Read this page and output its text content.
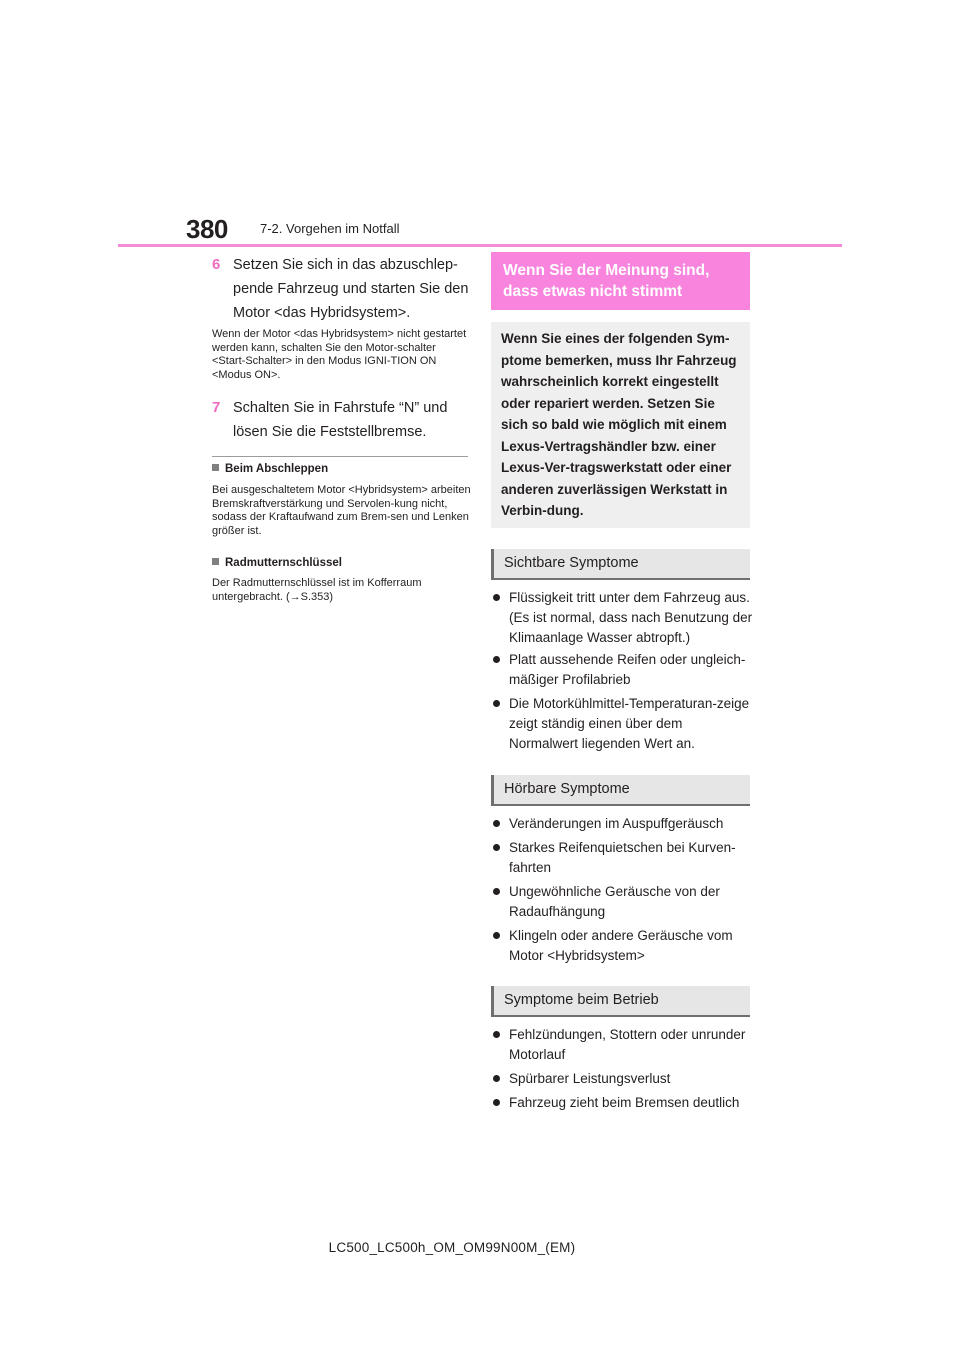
380 7-2. Vorgehen im Notfall
6 Setzen Sie sich in das abzuschlep-pende Fahrzeug und starten Sie den Motor <das Hybridsystem>.
Wenn der Motor <das Hybridsystem> nicht gestartet werden kann, schalten Sie den Motor-schalter <Start-Schalter> in den Modus IGNI-TION ON <Modus ON>.
7 Schalten Sie in Fahrstufe “N” und lösen Sie die Feststellbremse.
Beim Abschleppen
Bei ausgeschaltetem Motor <Hybridsystem> arbeiten Bremskraftverstärkung und Servolen-kung nicht, sodass der Kraftaufwand zum Brem-sen und Lenken größer ist.
Radmutternschlüssel
Der Radmutternschlüssel ist im Kofferraum untergebracht. (→S.353)
Wenn Sie der Meinung sind, dass etwas nicht stimmt
Wenn Sie eines der folgenden Sym-ptome bemerken, muss Ihr Fahrzeug wahrscheinlich korrekt eingestellt oder repariert werden. Setzen Sie sich so bald wie möglich mit einem Lexus-Vertragshändler bzw. einer Lexus-Ver-tragswerkstatt oder einer anderen zuverlässigen Werkstatt in Verbin-dung.
Sichtbare Symptome
Flüssigkeit tritt unter dem Fahrzeug aus. (Es ist normal, dass nach Benutzung der Klimaanlage Wasser abtropft.)
Platt aussehende Reifen oder ungleich-mäßiger Profilabrieb
Die Motorkühlmittel-Temperaturan-zeige zeigt ständig einen über dem Normalwert liegenden Wert an.
Hörbare Symptome
Veränderungen im Auspuffgeräusch
Starkes Reifenquietschen bei Kurven-fahrten
Ungewöhnliche Geräusche von der Radaufhängung
Klingeln oder andere Geräusche vom Motor <Hybridsystem>
Symptome beim Betrieb
Fehlzündungen, Stottern oder unrunder Motorlauf
Spürbarer Leistungsverlust
Fahrzeug zieht beim Bremsen deutlich
LC500_LC500h_OM_OM99N00M_(EM)
